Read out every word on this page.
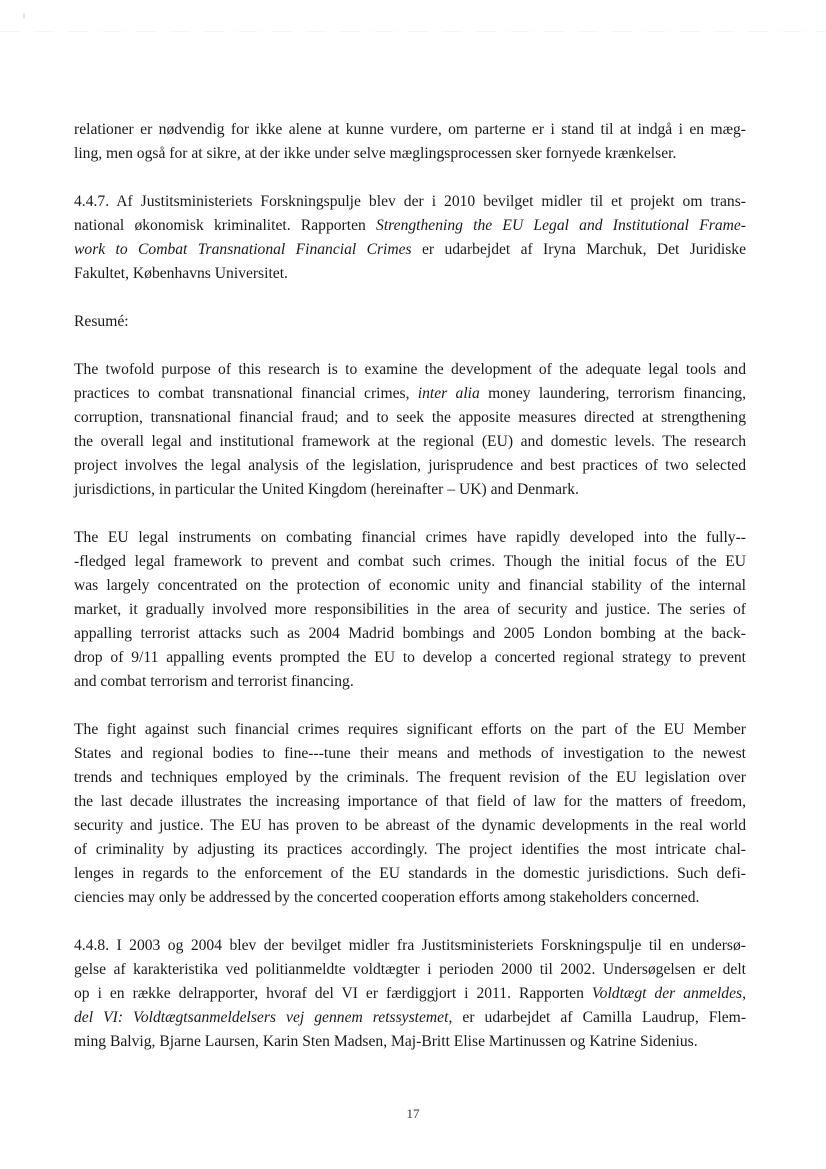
relationer er nødvendig for ikke alene at kunne vurdere, om parterne er i stand til at indgå i en mæg-
ling, men også for at sikre, at der ikke under selve mæglingsprocessen sker fornyede krænkelser.
4.4.7. Af Justitsministeriets Forskningspulje blev der i 2010 bevilget midler til et projekt om trans-
national økonomisk kriminalitet. Rapporten Strengthening the EU Legal and Institutional Frame-
work to Combat Transnational Financial Crimes er udarbejdet af Iryna Marchuk, Det Juridiske
Fakultet, Københavns Universitet.
Resumé:
The twofold purpose of this research is to examine the development of the adequate legal tools and
practices to combat transnational financial crimes, inter alia money laundering, terrorism financing,
corruption, transnational financial fraud; and to seek the apposite measures directed at strengthening
the overall legal and institutional framework at the regional (EU) and domestic levels. The research
project involves the legal analysis of the legislation, jurisprudence and best practices of two selected
jurisdictions, in particular the United Kingdom (hereinafter – UK) and Denmark.
The EU legal instruments on combating financial crimes have rapidly developed into the fully--
-fledged legal framework to prevent and combat such crimes. Though the initial focus of the EU
was largely concentrated on the protection of economic unity and financial stability of the internal
market, it gradually involved more responsibilities in the area of security and justice. The series of
appalling terrorist attacks such as 2004 Madrid bombings and 2005 London bombing at the back-
drop of 9/11 appalling events prompted the EU to develop a concerted regional strategy to prevent
and combat terrorism and terrorist financing.
The fight against such financial crimes requires significant efforts on the part of the EU Member
States and regional bodies to fine---tune their means and methods of investigation to the newest
trends and techniques employed by the criminals. The frequent revision of the EU legislation over
the last decade illustrates the increasing importance of that field of law for the matters of freedom,
security and justice. The EU has proven to be abreast of the dynamic developments in the real world
of criminality by adjusting its practices accordingly. The project identifies the most intricate chal-
lenges in regards to the enforcement of the EU standards in the domestic jurisdictions. Such defi-
ciencies may only be addressed by the concerted cooperation efforts among stakeholders concerned.
4.4.8. I 2003 og 2004 blev der bevilget midler fra Justitsministeriets Forskningspulje til en undersø-
gelse af karakteristika ved politianmeldte voldtægter i perioden 2000 til 2002. Undersøgelsen er delt
op i en række delrapporter, hvoraf del VI er færdiggjort i 2011. Rapporten Voldtægt der anmeldes,
del VI: Voldtægtsanmeldelsers vej gennem retssystemet, er udarbejdet af Camilla Laudrup, Flem-
ming Balvig, Bjarne Laursen, Karin Sten Madsen, Maj-Britt Elise Martinussen og Katrine Sidenius.
17
